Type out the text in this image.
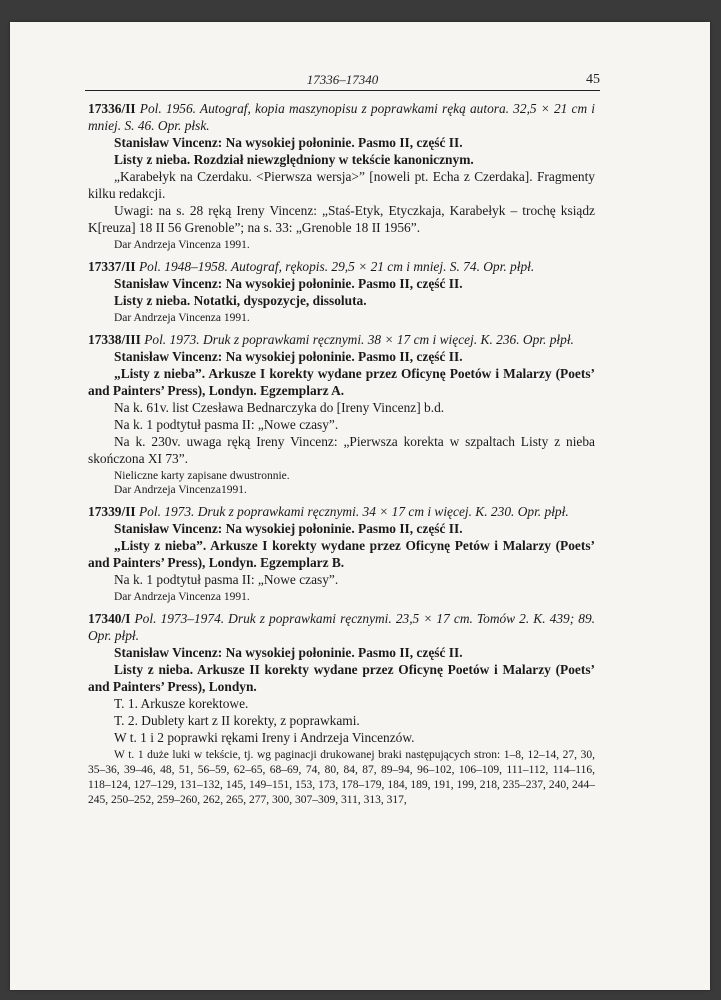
17336–17340	45

17336/II Pol. 1956. Autograf, kopia maszynopisu z poprawkami ręką autora. 32,5 × 21 cm i mniej. S. 46. Opr. płsk.

Stanisław Vincenz: Na wysokiej połoninie. Pasmo II, część II.

Listy z nieba. Rozdział niewzględniony w tekście kanonicznym.

„Karabełyk na Czerdaku. <Pierwsza wersja>” [noweli pt. Echa z Czerdaka]. Fragmenty kilku redakcji.

Uwagi: na s. 28 ręką Ireny Vincenz: „Staś-Etyk, Etyczkaja, Karabełyk – trochę ksiądz K[reuza] 18 II 56 Grenoble”; na s. 33: „Grenoble 18 II 1956”.

Dar Andrzeja Vincenza 1991.

17337/II Pol. 1948–1958. Autograf, rękopis. 29,5 × 21 cm i mniej. S. 74. Opr. płpł.

Stanisław Vincenz: Na wysokiej połoninie. Pasmo II, część II.

Listy z nieba. Notatki, dyspozycje, dissoluta.

Dar Andrzeja Vincenza 1991.

17338/III Pol. 1973. Druk z poprawkami ręcznymi. 38 × 17 cm i więcej. K. 236. Opr. płpł.

Stanisław Vincenz: Na wysokiej połoninie. Pasmo II, część II.

„Listy z nieba”. Arkusze I korekty wydane przez Oficynę Poetów i Malarzy (Poets’ and Painters’ Press), Londyn. Egzemplarz A.

Na k. 61v. list Czesława Bednarczyka do [Ireny Vincenz] b.d.

Na k. 1 podtytuł pasma II: „Nowe czasy”.

Na k. 230v. uwaga ręką Ireny Vincenz: „Pierwsza korekta w szpaltach Listy z nieba skończona XI 73”.

Nieliczne karty zapisane dwustronnie.

Dar Andrzeja Vincenza1991.

17339/II Pol. 1973. Druk z poprawkami ręcznymi. 34 × 17 cm i więcej. K. 230. Opr. płpł.

Stanisław Vincenz: Na wysokiej połoninie. Pasmo II, część II.

„Listy z nieba”. Arkusze I korekty wydane przez Oficynę Petów i Malarzy (Poets’ and Painters’ Press), Londyn. Egzemplarz B.

Na k. 1 podtytuł pasma II: „Nowe czasy”.

Dar Andrzeja Vincenza 1991.

17340/I Pol. 1973–1974. Druk z poprawkami ręcznymi. 23,5 × 17 cm. Tomów 2. K. 439; 89. Opr. płpł.

Stanisław Vincenz: Na wysokiej połoninie. Pasmo II, część II.

Listy z nieba. Arkusze II korekty wydane przez Oficynę Poetów i Malarzy (Poets’ and Painters’ Press), Londyn.

T. 1. Arkusze korektowe.

T. 2. Dublety kart z II korekty, z poprawkami.

W t. 1 i 2 poprawki rękami Ireny i Andrzeja Vincenzów.

W t. 1 duże luki w tekście, tj. wg paginacji drukowanej braki następujących stron: 1–8, 12–14, 27, 30, 35–36, 39–46, 48, 51, 56–59, 62–65, 68–69, 74, 80, 84, 87, 89–94, 96–102, 106–109, 111–112, 114–116, 118–124, 127–129, 131–132, 145, 149–151, 153, 173, 178–179, 184, 189, 191, 199, 218, 235–237, 240, 244–245, 250–252, 259–260, 262, 265, 277, 300, 307–309, 311, 313, 317,
